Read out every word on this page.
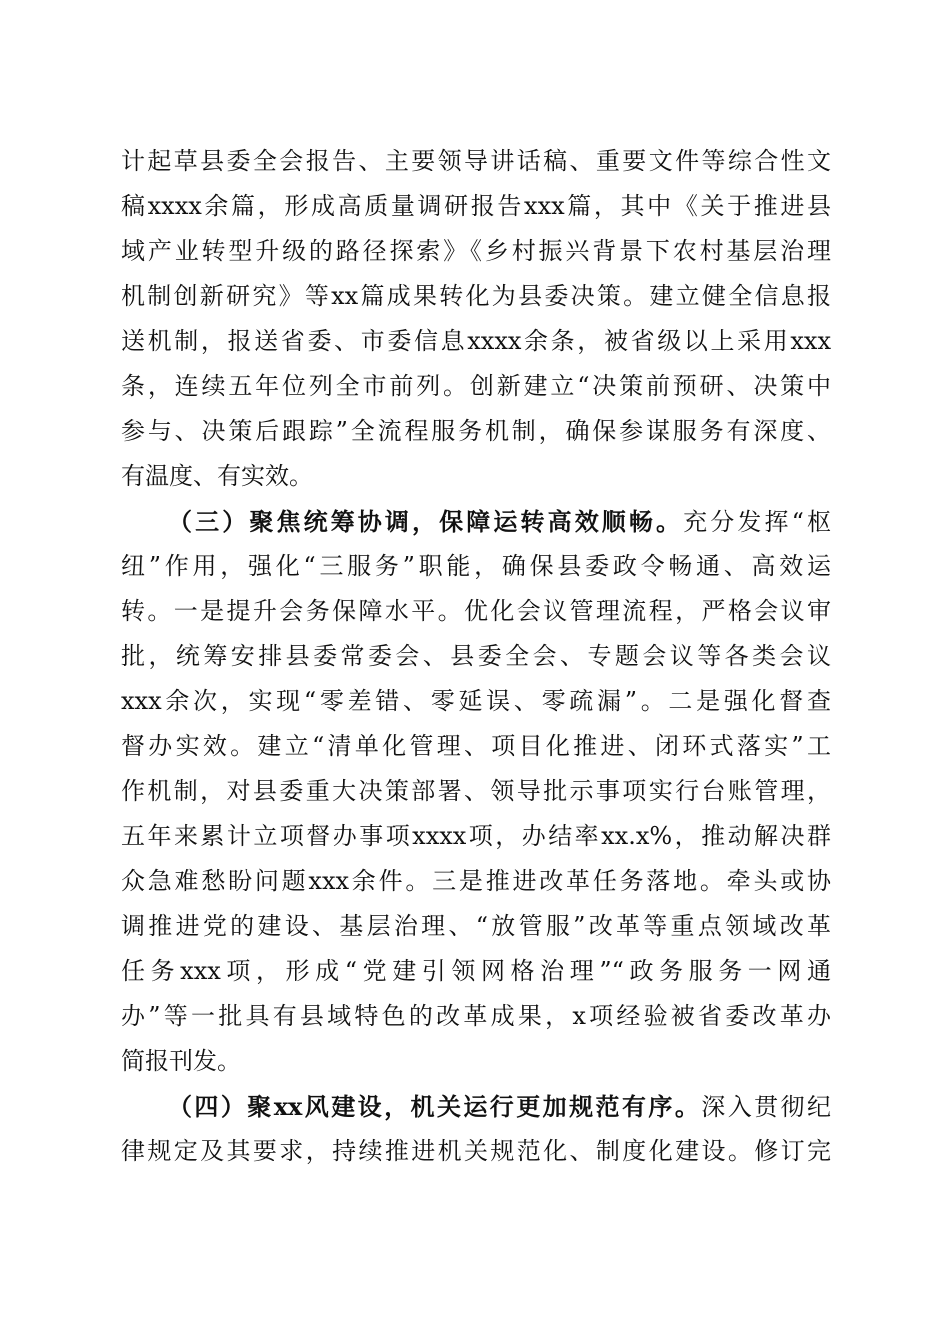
计起草县委全会报告、主要领导讲话稿、重要文件等综合性文
稿xxxx余篇，形成高质量调研报告xxx篇，其中《关于推进县
域产业转型升级的路径探索》《乡村振兴背景下农村基层治理
机制创新研究》等xx篇成果转化为县委决策。建立健全信息报
送机制，报送省委、市委信息xxxx余条，被省级以上采用xxx
条，连续五年位列全市前列。创新建立“决策前预研、决策中
参与、决策后跟踪”全流程服务机制，确保参谋服务有深度、
有温度、有实效。
（三）聚焦统筹协调，保障运转高效顺畅。充分发挥“枢
纽”作用，强化“三服务”职能，确保县委政令畅通、高效运
转。一是提升会务保障水平。优化会议管理流程，严格会议审
批，统筹安排县委常委会、县委全会、专题会议等各类会议
xxx余次，实现“零差错、零延误、零疏漏”。二是强化督查
督办实效。建立“清单化管理、项目化推进、闭环式落实”工
作机制，对县委重大决策部署、领导批示事项实行台账管理，
五年来累计立项督办事项xxxx项，办结率xx.x%，推动解决群
众急难愁盼问题xxx余件。三是推进改革任务落地。牵头或协
调推进党的建设、基层治理、“放管服”改革等重点领域改革
任务xxx项，形成“党建引领网格治理”“政务服务一网通
办”等一批具有县域特色的改革成果，x项经验被省委改革办
简报刊发。
（四）聚xx风建设，机关运行更加规范有序。深入贯彻纪
律规定及其要求，持续推进机关规范化、制度化建设。修订完
